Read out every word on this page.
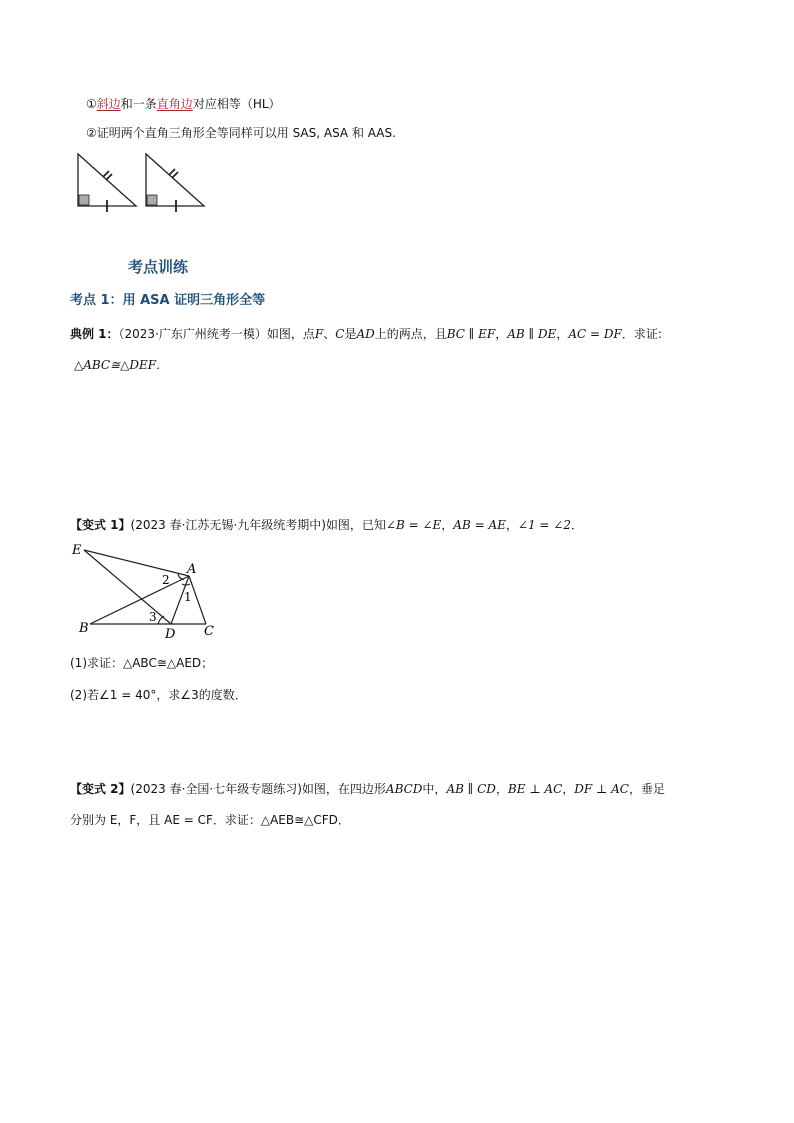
①斜边和一条直角边对应相等（HL）
②证明两个直角三角形全等同样可以用 SAS, ASA 和 AAS.
考点训练
考点 1：用 ASA 证明三角形全等
典例 1：（2023·广东广州统考一模）如图，点F、C是AD上的两点，且BC ∥ EF，AB ∥ DE，AC = DF．求证:
△ABC≅△DEF．
【变式 1】(2023 春·江苏无锡·九年级统考期中)如图，已知∠B = ∠E，AB = AE，∠1 = ∠2．
E
A
B	D C
2
1
3
(1)求证：△ABC≅△AED；
(2)若∠1 = 40°，求∠3的度数．
【变式 2】(2023 春·全国·七年级专题练习)如图，在四边形ABCD中，AB ∥ CD，BE ⊥ AC，DF ⊥ AC，垂足
分别为 E，F，且 AE = CF．求证：△AEB≅△CFD．
